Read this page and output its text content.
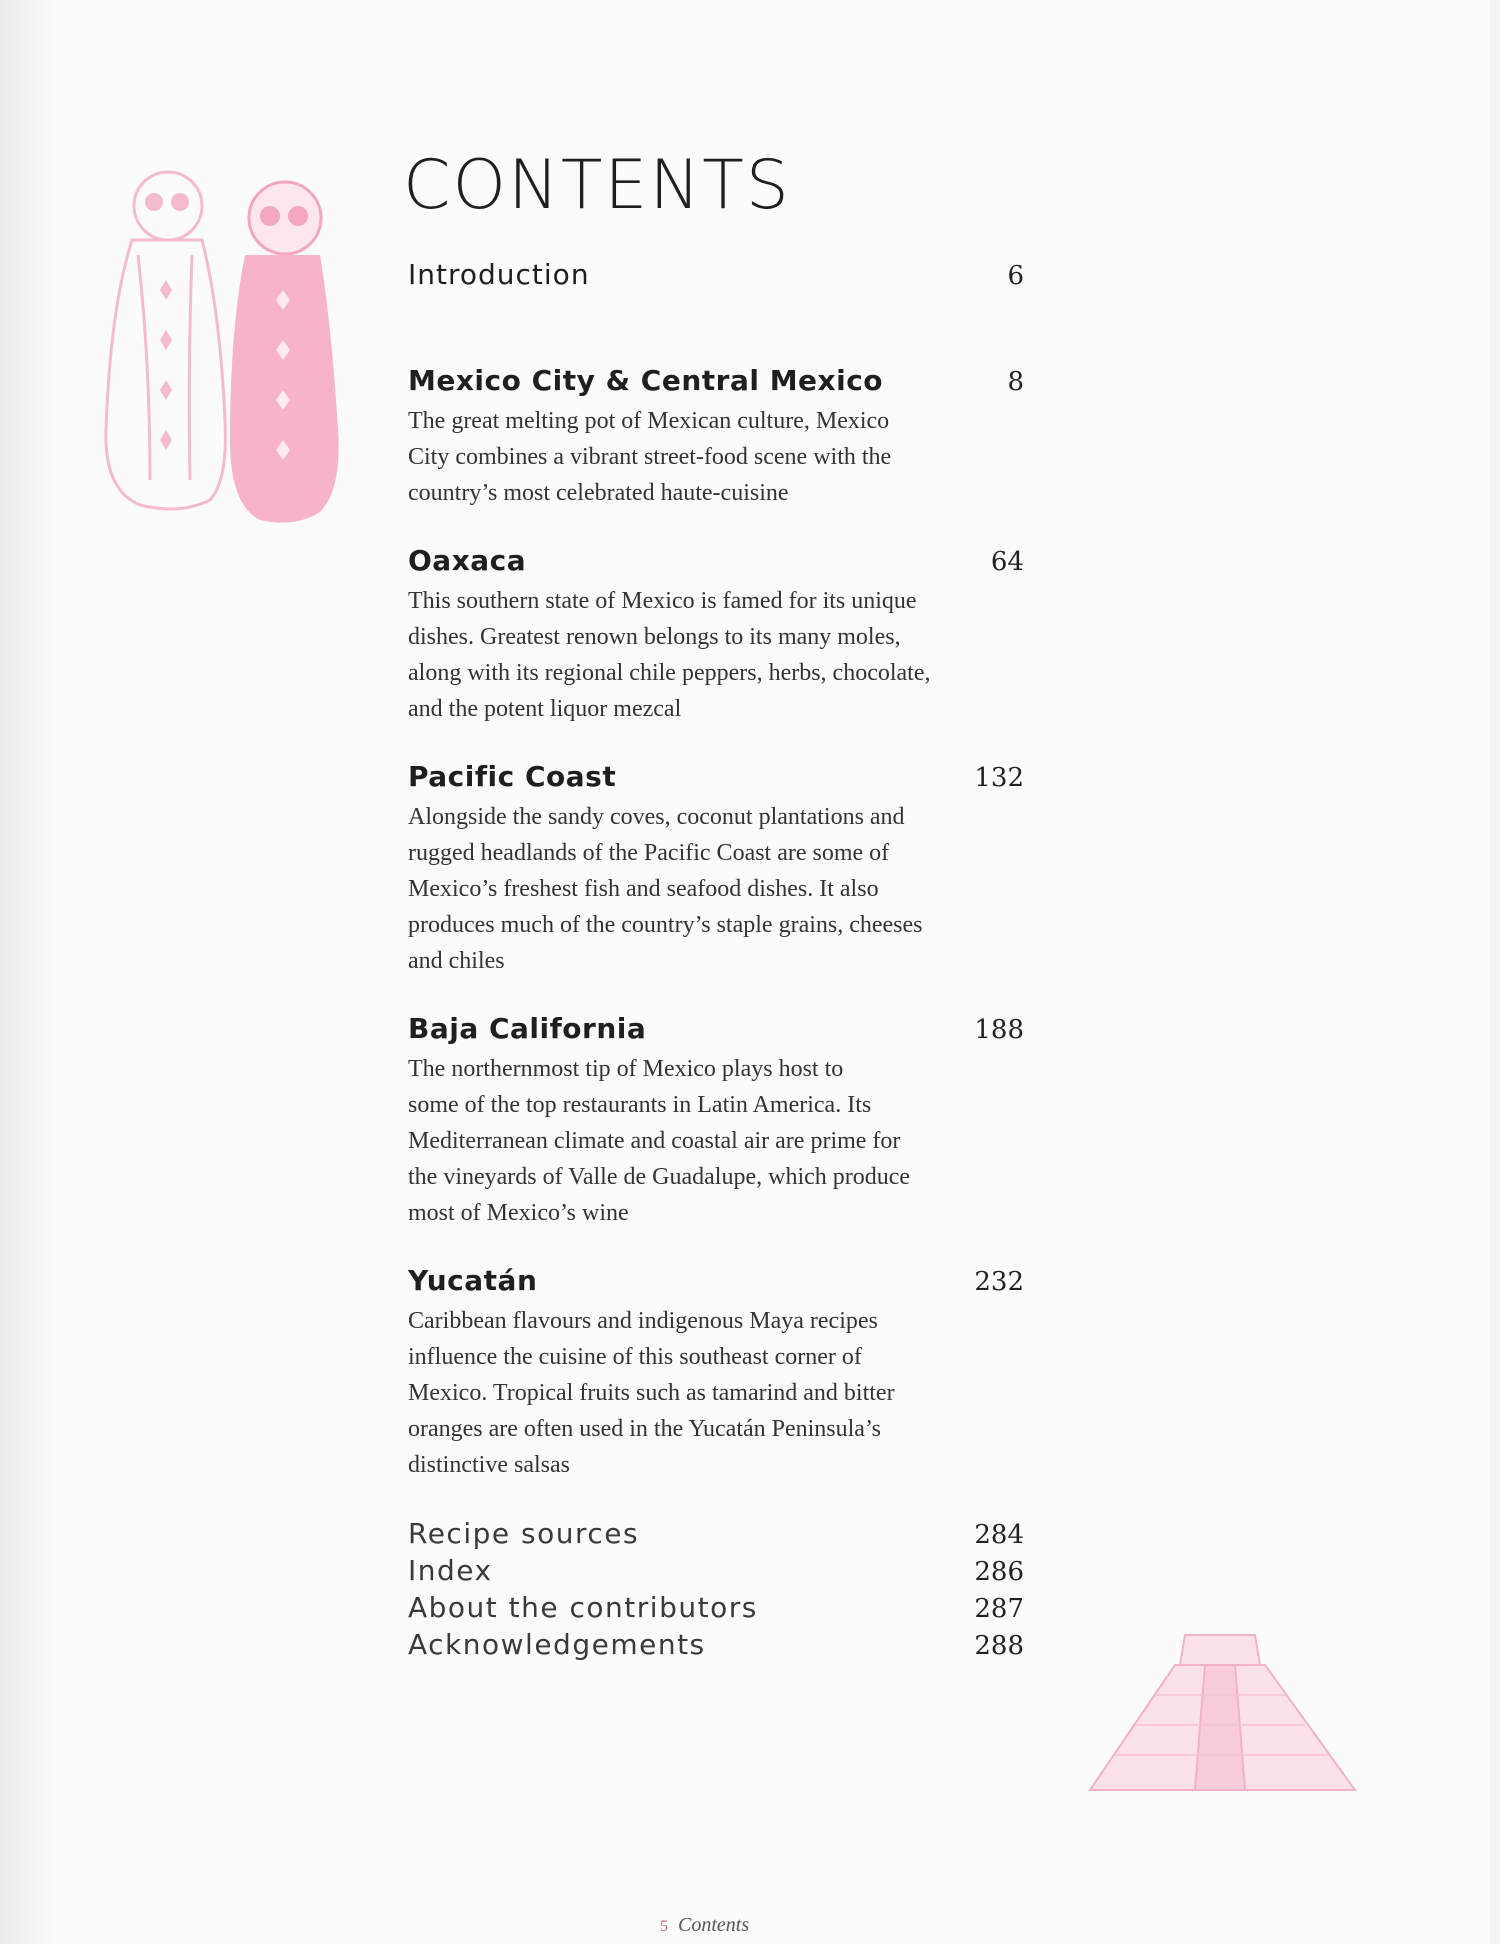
CONTENTS
Introduction	6
Mexico City & Central Mexico	8

The great melting pot of Mexican culture, Mexico
City combines a vibrant street-food scene with the
country’s most celebrated haute-cuisine

Oaxaca	64

This southern state of Mexico is famed for its unique
dishes. Greatest renown belongs to its many moles,
along with its regional chile peppers, herbs, chocolate,
and the potent liquor mezcal

Pacific Coast	132

Alongside the sandy coves, coconut plantations and
rugged headlands of the Pacific Coast are some of
Mexico’s freshest fish and seafood dishes. It also
produces much of the country’s staple grains, cheeses
and chiles

Baja California	188

The northernmost tip of Mexico plays host to
some of the top restaurants in Latin America. Its
Mediterranean climate and coastal air are prime for
the vineyards of Valle de Guadalupe, which produce
most of Mexico’s wine

Yucatán	232

Caribbean flavours and indigenous Maya recipes
influence the cuisine of this southeast corner of
Mexico. Tropical fruits such as tamarind and bitter
oranges are often used in the Yucatán Peninsula’s
distinctive salsas

Recipe sources	284
Index	286
About the contributors	287
Acknowledgements	288
5 Contents
